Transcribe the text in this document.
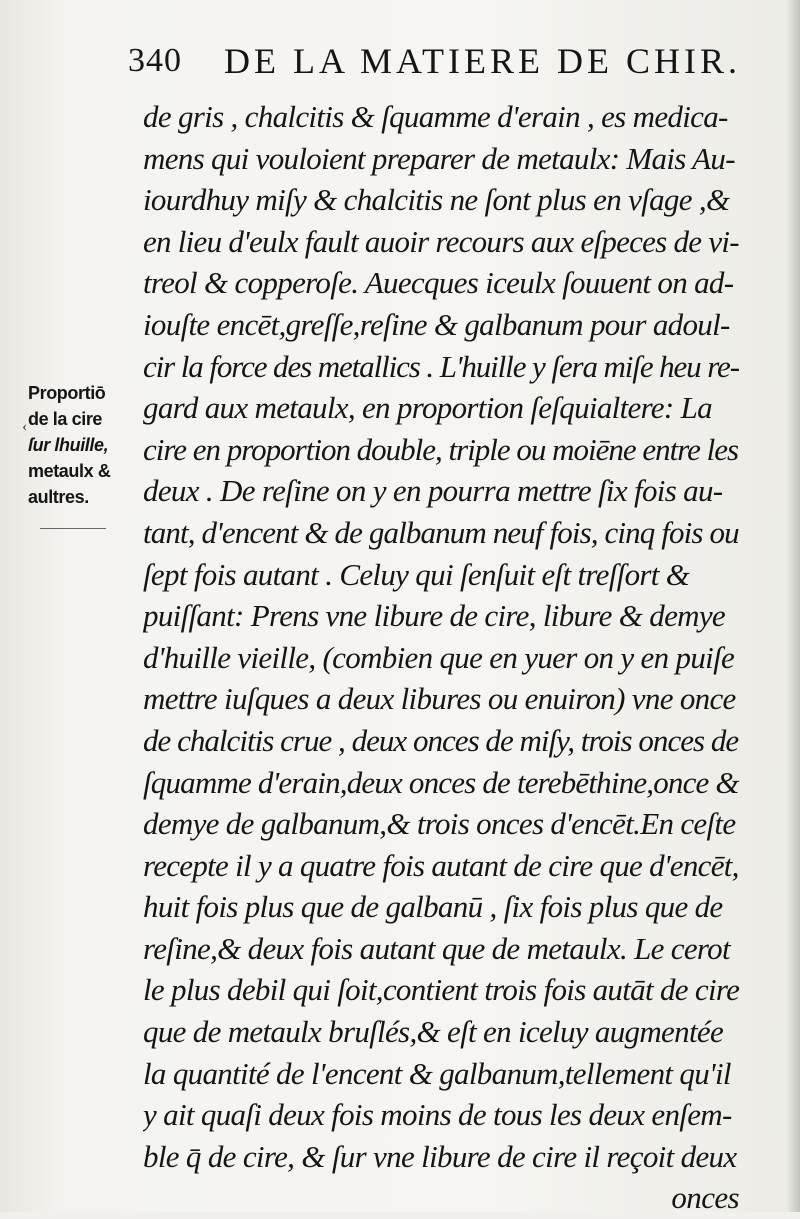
340 DE LA MATIERE DE CHIR.
‹
Proportiō
de la cire
ſur lhuille,
metaulx &
aultres.
de gris , chalcitis & ſquamme d'erain , es medica-
mens qui vouloient preparer de metaulx: Mais Au-
iourdhuy miſy & chalcitis ne ſont plus en vſage ,&
en lieu d'eulx fault auoir recours aux eſpeces de vi-
treol & copperoſe. Auecques iceulx ſouuent on ad-
iouſte encēt,greſſe,reſine & galbanum pour adoul-
cir la force des metallics . L'huille y ſera miſe heu re-
gard aux metaulx, en proportion ſeſquialtere: La
cire en proportion double, triple ou moiēne entre les
deux . De reſine on y en pourra mettre ſix fois au-
tant, d'encent & de galbanum neuf fois, cinq fois ou
ſept fois autant . Celuy qui ſenſuit eſt treſſort &
puiſſant: Prens vne libure de cire, libure & demye
d'huille vieille, (combien que en yuer on y en puiſe
mettre iuſques a deux libures ou enuiron) vne once
de chalcitis crue , deux onces de miſy, trois onces de
ſquamme d'erain,deux onces de terebēthine,once &
demye de galbanum,& trois onces d'encēt.En ceſte
recepte il y a quatre fois autant de cire que d'encēt,
huit fois plus que de galbanū , ſix fois plus que de
reſine,& deux fois autant que de metaulx. Le cerot
le plus debil qui ſoit,contient trois fois autāt de cire
que de metaulx bruſlés,& eſt en iceluy augmentée
la quantité de l'encent & galbanum,tellement qu'il
y ait quaſi deux fois moins de tous les deux enſem-
ble q̄ de cire, & ſur vne libure de cire il reçoit deux
onces
